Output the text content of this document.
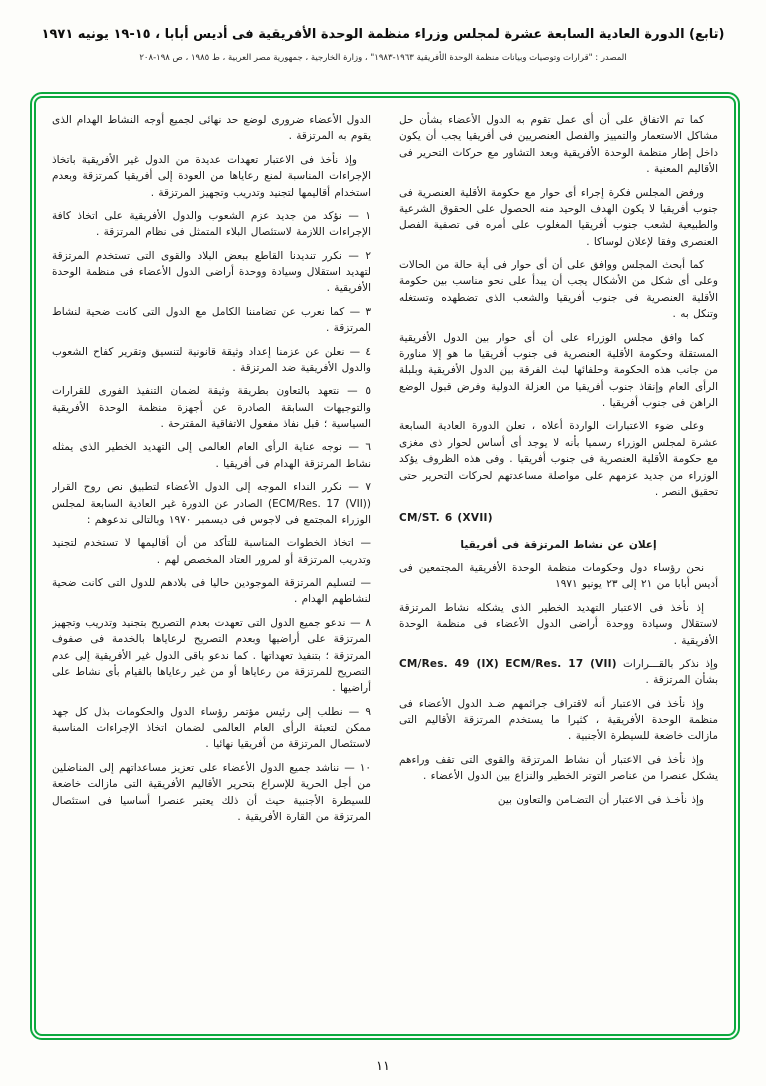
(تابع) الدورة العادية السابعة عشرة لمجلس وزراء منظمة الوحدة الأفريقية فى أديس أبابا ، ١٥-١٩ يونيه ١٩٧١
المصدر : "قرارات وتوصيات وبيانات منظمة الوحدة الأفريقية ١٩٦٣-١٩٨٣" ، وزارة الخارجية ، جمهورية مصر العربية ، ط ١٩٨٥ ، ص ١٩٨-٢٠٨

كما تم الاتفاق على أن أى عمل تقوم به الدول الأعضاء بشأن حل مشاكل الاستعمار والتمييز والفصل العنصريين فى أفريقيا يجب أن يكون داخل إطار منظمة الوحدة الأفريقية وبعد التشاور مع حركات التحرير فى الأقاليم المعنية .

ورفض المجلس فكرة إجراء أى حوار مع حكومة الأقلية العنصرية فى جنوب أفريقيا لا يكون الهدف الوحيد منه الحصول على الحقوق الشرعية والطبيعية لشعب جنوب أفريقيا المغلوب على أمره فى تصفية الفصل العنصرى وفقا لإعلان لوساكا .

كما أبحث المجلس ووافق على أن أى حوار فى أية حالة من الحالات وعلى أى شكل من الأشكال يجب أن يبدأ على نحو مناسب بين حكومة الأقلية العنصرية فى جنوب أفريقيا والشعب الذى تضطهده وتستغله وتنكل به .

كما وافق مجلس الوزراء على أن أى حوار بين الدول الأفريقية المستقلة وحكومة الأقلية العنصرية فى جنوب أفريقيا ما هو إلا مناورة من جانب هذه الحكومة وحلفائها لبث الفرقة بين الدول الأفريقية وبلبلة الرأى العام وإنقاذ جنوب أفريقيا من العزلة الدولية وفرض قبول الوضع الراهن فى جنوب أفريقيا .

وعلى ضوء الاعتبارات الواردة أعلاه ، تعلن الدورة العادية السابعة عشرة لمجلس الوزراء رسميا بأنه لا يوجد أى أساس لحوار ذى مغزى مع حكومة الأقلية العنصرية فى جنوب أفريقيا . وفى هذه الظروف يؤكد الوزراء من جديد عزمهم على مواصلة مساعدتهم لحركات التحرير حتى تحقيق النصر .

CM/ST. 6 (XVII)

إعلان عن نشاط المرتزقة فى أفريقيا

نحن رؤساء دول وحكومات منظمة الوحدة الأفريقية المجتمعين فى أديس أبابا من ٢١ إلى ٢٣ يونيو ١٩٧١

إذ نأخذ فى الاعتبار التهديد الخطير الذى يشكله نشاط المرتزقة لاستقلال وسيادة ووحدة أراضى الدول الأعضاء فى منظمة الوحدة الأفريقية .

وإذ نذكر بالقـــرارات ECM/Res. 17 (VII) CM/Res. 49 (IX) بشأن المرتزقة .

وإذ نأخذ فى الاعتبار أنه لاقتراف جرائمهم ضـد الدول الأعضاء فى منظمة الوحدة الأفريقية ، كثيرا ما يستخدم المرتزقة الأقاليم التى مازالت خاضعة للسيطرة الأجنبية .

وإذ نأخذ فى الاعتبار أن نشاط المرتزقة والقوى التى تقف وراءهم يشكل عنصرا من عناصر التوتر الخطير والنزاع بين الدول الأعضاء .

وإذ نأخـذ فى الاعتبار أن التضـامن والتعاون بين

الدول الأعضاء ضرورى لوضع حد نهائى لجميع أوجه النشاط الهدام الذى يقوم به المرتزقة .

وإذ نأخذ فى الاعتبار تعهدات عديدة من الدول غير الأفريقية باتخاذ الإجراءات المناسبة لمنع رعاياها من العودة إلى أفريقيا كمرتزقة وبعدم استخدام أقاليمها لتجنيد وتدريب وتجهيز المرتزقة .

١ — نؤكد من جديد عزم الشعوب والدول الأفريقية على اتخاذ كافة الإجراءات اللازمة لاستئصال البلاء المتمثل فى نظام المرتزقة .

٢ — نكرر تنديدنا القاطع ببعض البلاد والقوى التى تستخدم المرتزقة لتهديد استقلال وسيادة ووحدة أراضى الدول الأعضاء فى منظمة الوحدة الأفريقية .

٣ — كما نعرب عن تضامننا الكامل مع الدول التى كانت ضحية لنشاط المرتزقة .

٤ — نعلن عن عزمنا إعداد وثيقة قانونية لتنسيق وتقرير كفاح الشعوب والدول الأفريقية ضد المرتزقة .

٥ — نتعهد بالتعاون بطريقة وثيقة لضمان التنفيذ الفورى للقرارات والتوجيهات السابقة الصادرة عن أجهزة منظمة الوحدة الأفريقية السياسية ؛ قبل نفاذ مفعول الاتفاقية المقترحة .

٦ — نوجه عناية الرأى العام العالمى إلى التهديد الخطير الذى يمثله نشاط المرتزقة الهدام فى أفريقيا .

٧ — نكرر النداء الموجه إلى الدول الأعضاء لتطبيق نص روح القرار (ECM/Res. 17 (VII)) الصادر عن الدورة غير العادية السابعة لمجلس الوزراء المجتمع فى لاجوس فى ديسمبر ١٩٧٠ وبالتالى ندعوهم :

— اتخاذ الخطوات المناسبة للتأكد من أن أقاليمها لا تستخدم لتجنيد وتدريب المرتزقة أو لمرور العتاد المخصص لهم .

— لتسليم المرتزقة الموجودين حاليا فى بلادهم للدول التى كانت ضحية لنشاطهم الهدام .

٨ — ندعو جميع الدول التى تعهدت بعدم التصريح بتجنيد وتدريب وتجهيز المرتزقة على أراضيها وبعدم التصريح لرعاياها بالخدمة فى صفوف المرتزقة ؛ بتنفيذ تعهداتها . كما ندعو باقى الدول غير الأفريقية إلى عدم التصريح للمرتزقة من رعاياها أو من غير رعاياها بالقيام بأى نشاط على أراضيها .

٩ — نطلب إلى رئيس مؤتمر رؤساء الدول والحكومات بذل كل جهد ممكن لتعبئة الرأى العام العالمى لضمان اتخاذ الإجراءات المناسبة لاستئصال المرتزقة من أفريقيا نهائيا .

١٠ — نناشد جميع الدول الأعضاء على تعزيز مساعداتهم إلى المناضلين من أجل الحرية للإسراع بتحرير الأقاليم الأفريقية التى مازالت خاضعة للسيطرة الأجنبية حيث أن ذلك يعتبر عنصرا أساسيا فى استئصال المرتزقة من القارة الأفريقية .

١١
